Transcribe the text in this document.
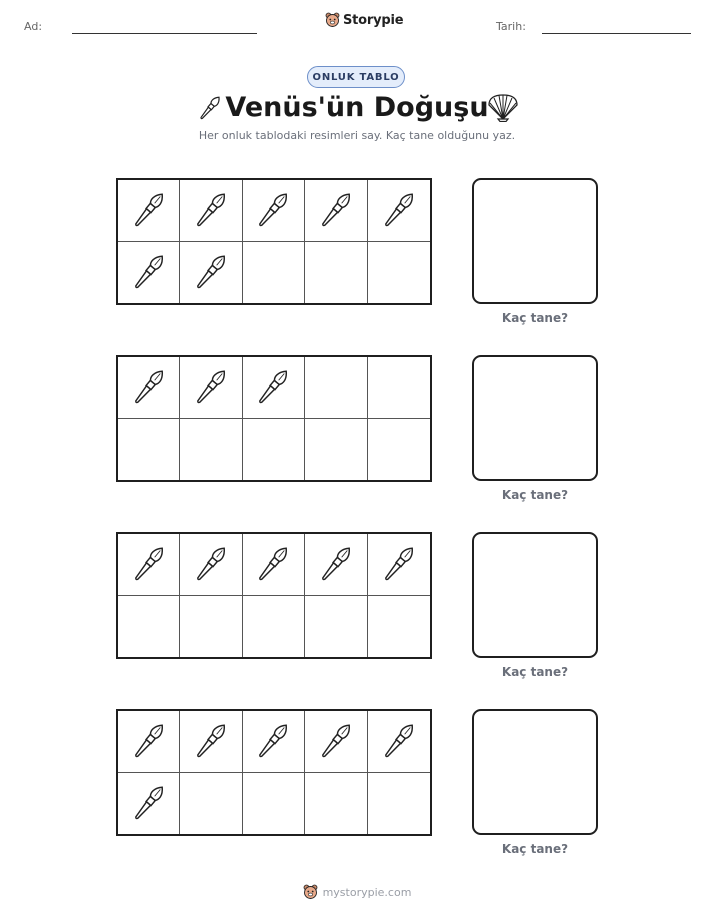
Ad:	Storypie	Tarih:
ONLUK TABLO
Venüs'ün Doğuşu
Her onluk tablodaki resimleri say. Kaç tane olduğunu yaz.
Kaç tane?
Kaç tane?
Kaç tane?
Kaç tane?
mystorypie.com
